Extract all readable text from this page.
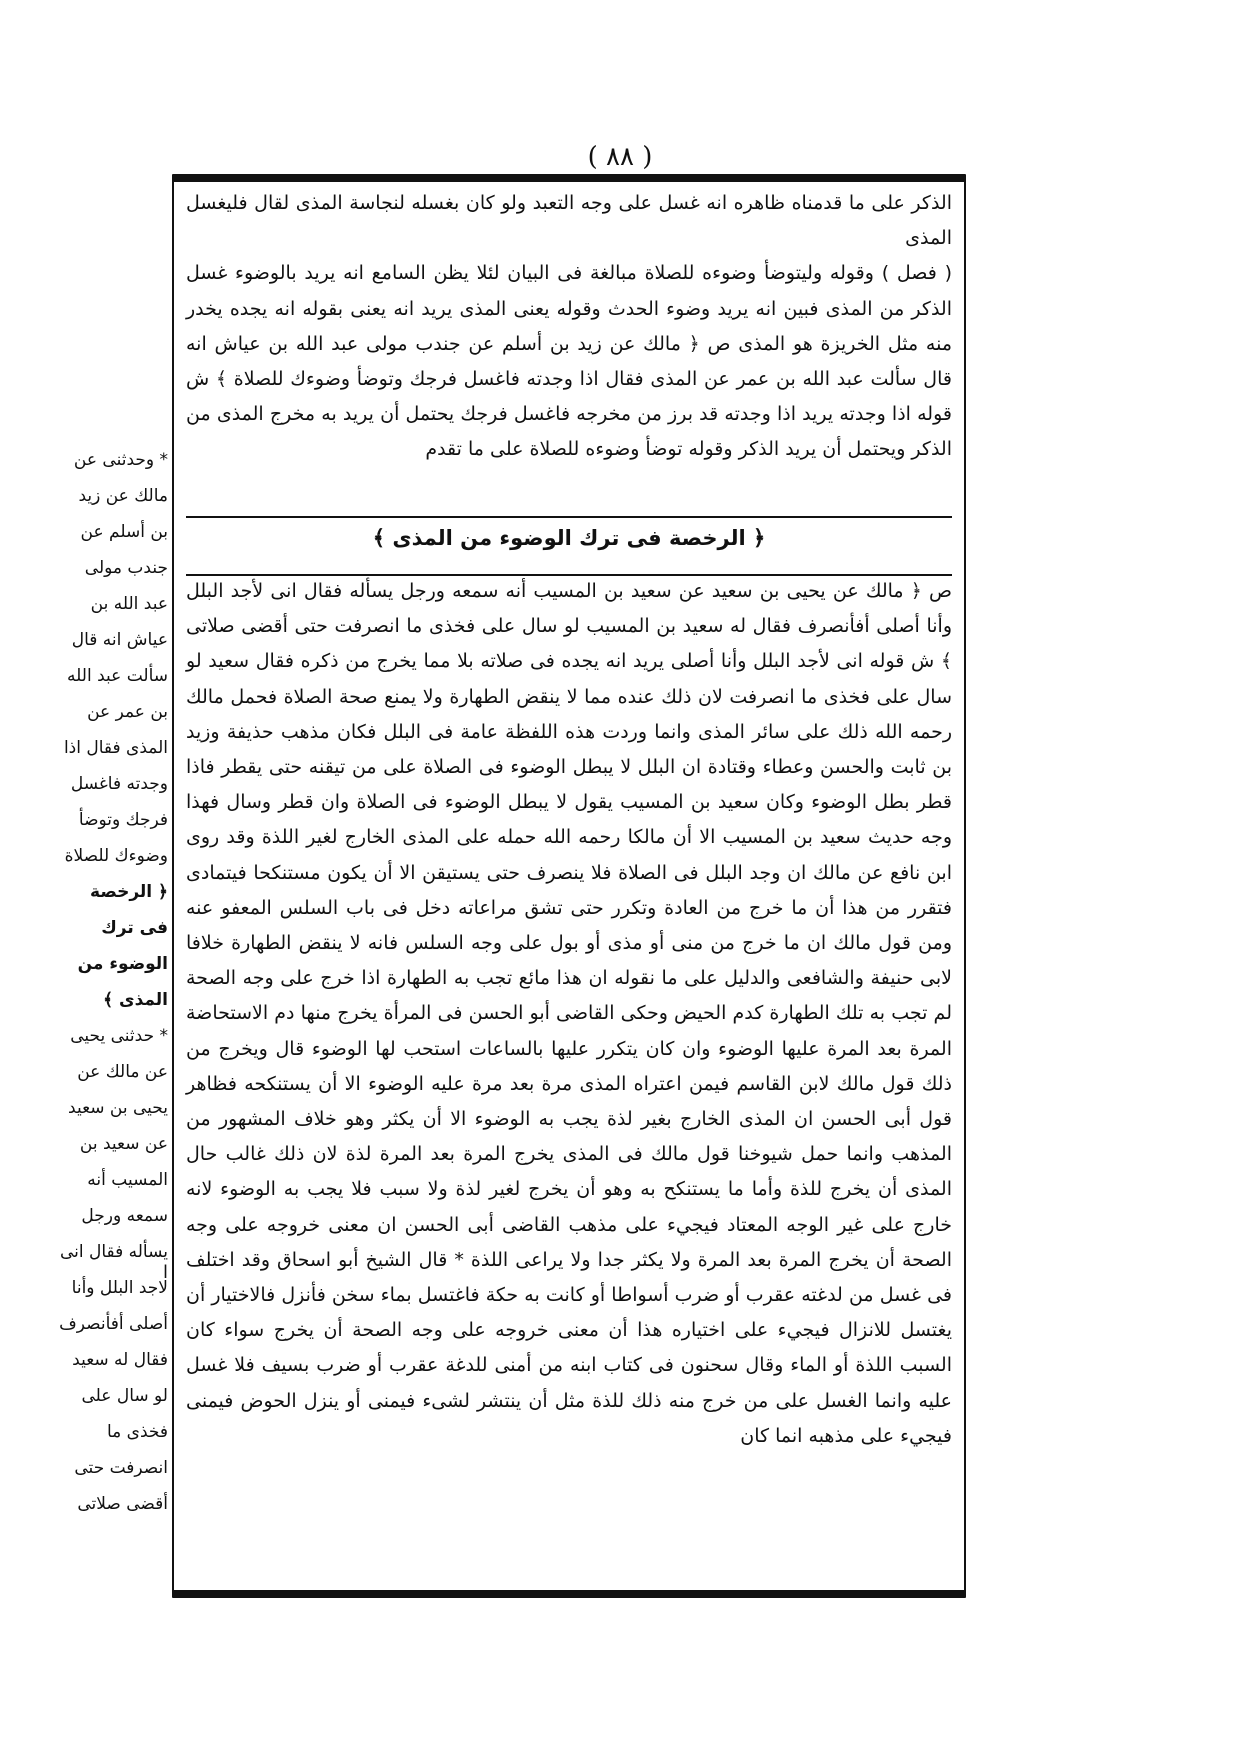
( ٨٨ )

الذكر على ما قدمناه ظاهره انه غسل على وجه التعبد ولو كان بغسله لنجاسة المذى لقال فليغسل المذى

( فصل ) وقوله وليتوضأ وضوءه للصلاة مبالغة فى البيان لئلا يظن السامع انه يريد بالوضوء غسل الذكر من المذى فبين انه يريد وضوء الحدث وقوله يعنى المذى يريد انه يعنى بقوله انه يجده يخدر منه مثل الخريزة هو المذى ص ﴿ مالك عن زيد بن أسلم عن جندب مولى عبد الله بن عياش انه قال سألت عبد الله بن عمر عن المذى فقال اذا وجدته فاغسل فرجك وتوضأ وضوءك للصلاة ﴾ ش قوله اذا وجدته يريد اذا وجدته قد برز من مخرجه فاغسل فرجك يحتمل أن يريد به مخرج المذى من الذكر ويحتمل أن يريد الذكر وقوله توضأ وضوءه للصلاة على ما تقدم

﴿ الرخصة فى ترك الوضوء من المذى ﴾

ص ﴿ مالك عن يحيى بن سعيد عن سعيد بن المسيب أنه سمعه ورجل يسأله فقال انى لأجد البلل وأنا أصلى أفأنصرف فقال له سعيد بن المسيب لو سال على فخذى ما انصرفت حتى أقضى صلاتى ﴾ ش قوله انى لأجد البلل وأنا أصلى يريد انه يجده فى صلاته بلا مما يخرج من ذكره فقال سعيد لو سال على فخذى ما انصرفت لان ذلك عنده مما لا ينقض الطهارة ولا يمنع صحة الصلاة فحمل مالك رحمه الله ذلك على سائر المذى وانما وردت هذه اللفظة عامة فى البلل فكان مذهب حذيفة وزيد بن ثابت والحسن وعطاء وقتادة ان البلل لا يبطل الوضوء فى الصلاة على من تيقنه حتى يقطر فاذا قطر بطل الوضوء وكان سعيد بن المسيب يقول لا يبطل الوضوء فى الصلاة وان قطر وسال فهذا وجه حديث سعيد بن المسيب الا أن مالكا رحمه الله حمله على المذى الخارج لغير اللذة وقد روى ابن نافع عن مالك ان وجد البلل فى الصلاة فلا ينصرف حتى يستيقن الا أن يكون مستنكحا فيتمادى فتقرر من هذا أن ما خرج من العادة وتكرر حتى تشق مراعاته دخل فى باب السلس المعفو عنه ومن قول مالك ان ما خرج من منى أو مذى أو بول على وجه السلس فانه لا ينقض الطهارة خلافا لابى حنيفة والشافعى والدليل على ما نقوله ان هذا مائع تجب به الطهارة اذا خرج على وجه الصحة لم تجب به تلك الطهارة كدم الحيض وحكى القاضى أبو الحسن فى المرأة يخرج منها دم الاستحاضة المرة بعد المرة عليها الوضوء وان كان يتكرر عليها بالساعات استحب لها الوضوء قال ويخرج من ذلك قول مالك لابن القاسم فيمن اعتراه المذى مرة بعد مرة عليه الوضوء الا أن يستنكحه فظاهر قول أبى الحسن ان المذى الخارج بغير لذة يجب به الوضوء الا أن يكثر وهو خلاف المشهور من المذهب وانما حمل شيوخنا قول مالك فى المذى يخرج المرة بعد المرة لذة لان ذلك غالب حال المذى أن يخرج للذة وأما ما يستنكح به وهو أن يخرج لغير لذة ولا سبب فلا يجب به الوضوء لانه خارج على غير الوجه المعتاد فيجيء على مذهب القاضى أبى الحسن ان معنى خروجه على وجه الصحة أن يخرج المرة بعد المرة ولا يكثر جدا ولا يراعى اللذة * قال الشيخ أبو اسحاق وقد اختلف فى غسل من لدغته عقرب أو ضرب أسواطا أو كانت به حكة فاغتسل بماء سخن فأنزل فالاختيار أن يغتسل للانزال فيجيء على اختياره هذا أن معنى خروجه على وجه الصحة أن يخرج سواء كان السبب اللذة أو الماء وقال سحنون فى كتاب ابنه من أمنى للدغة عقرب أو ضرب بسيف فلا غسل عليه وانما الغسل على من خرج منه ذلك للذة مثل أن ينتشر لشىء فيمنى أو ينزل الحوض فيمنى فيجيء على مذهبه انما كان

* وحدثنى عن مالك عن زيد بن أسلم عن جندب مولى عبد الله بن عياش انه قال سألت عبد الله بن عمر عن المذى فقال اذا وجدته فاغسل فرجك وتوضأ وضوءك للصلاة

﴿ الرخصة فى ترك الوضوء من المذى ﴾

* حدثنى يحيى عن مالك عن يحيى بن سعيد عن سعيد بن المسيب أنه سمعه ورجل يسأله فقال انى لاجد البلل وأنا أصلى أفأنصرف فقال له سعيد لو سال على فخذى ما انصرفت حتى أقضى صلاتى

ا
